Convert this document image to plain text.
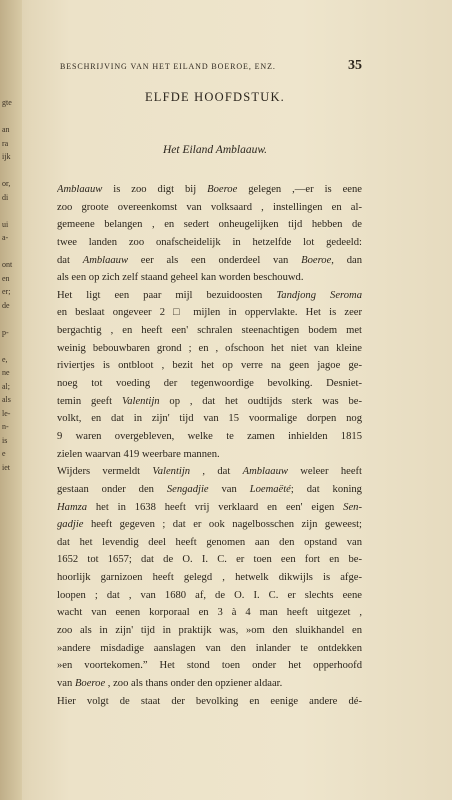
gte
an
ra
ijk
or,
di
ui
a-
ont
en
er;
de
p-
e,
ne
al;
als
le-
n-
is
e
iet
BESCHRIJVING VAN HET EILAND BOEROE, ENZ.	35
ELFDE HOOFDSTUK.
Het Eiland Amblaauw.
Amblaauw is zoo digt bij Boeroe gelegen ,—er is eene
zoo groote overeenkomst van volksaard , instellingen en al-
gemeene belangen , en sedert onheugelijken tijd hebben de
twee landen zoo onafscheidelijk in hetzelfde lot gedeeld:
dat Amblaauw eer als een onderdeel van Boeroe, dan
als een op zich zelf staand geheel kan worden beschouwd.
Het ligt een paar mijl bezuidoosten Tandjong Seroma
en beslaat ongeveer 2 □ mijlen in oppervlakte. Het is zeer
bergachtig , en heeft een' schralen steenachtigen bodem met
weinig bebouwbaren grond ; en , ofschoon het niet van kleine
riviertjes is ontbloot , bezit het op verre na geen jagoe ge-
noeg tot voeding der tegenwoordige bevolking. Desniet-
temin geeft Valentijn op , dat het oudtijds sterk was be-
volkt, en dat in zijn' tijd van 15 voormalige dorpen nog
9 waren overgebleven, welke te zamen inhielden 1815
zielen waarvan 419 weerbare mannen.
Wijders vermeldt Valentijn , dat Amblaauw weleer heeft
gestaan onder den Sengadjie van Loemaëté; dat koning
Hamza het in 1638 heeft vrij verklaard en een' eigen Sen-
gadjie heeft gegeven ; dat er ook nagelbosschen zijn geweest;
dat het levendig deel heeft genomen aan den opstand van
1652 tot 1657; dat de O. I. C. er toen een fort en be-
hoorlijk garnizoen heeft gelegd , hetwelk dikwijls is afge-
loopen ; dat , van 1680 af, de O. I. C. er slechts eene
wacht van eenen korporaal en 3 à 4 man heeft uitgezet ,
zoo als in zijn' tijd in praktijk was, »om den sluikhandel en
»andere misdadige aanslagen van den inlander te ontdekken
»en voortekomen.” Het stond toen onder het opperhoofd
van Boeroe , zoo als thans onder den opziener aldaar.
Hier volgt de staat der bevolking en eenige andere dé-
